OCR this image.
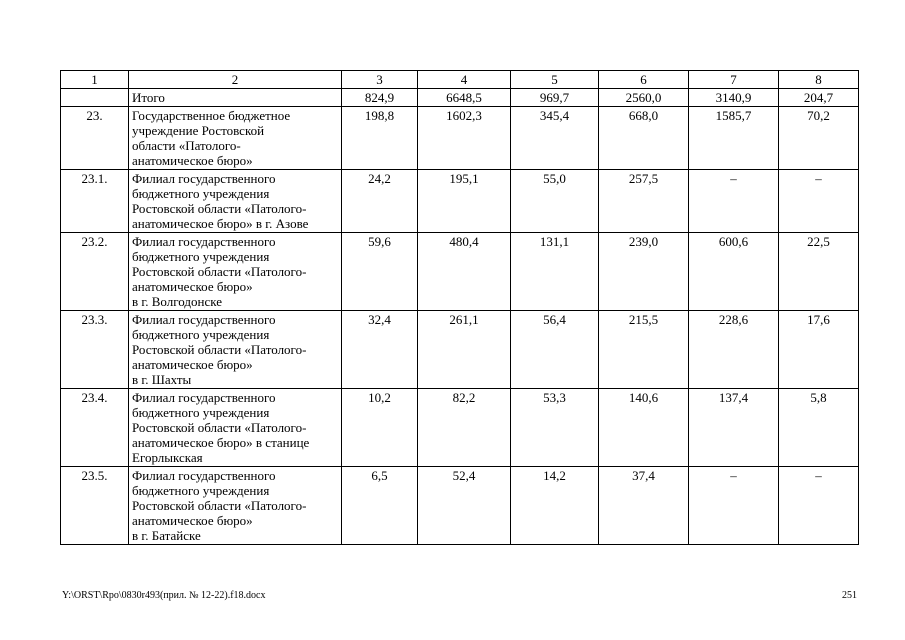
1	2	3	4	5	6	7	8
	Итого	824,9	6648,5	969,7	2560,0	3140,9	204,7
23.	Государственное бюджетное
учреждение Ростовской
области «Патолого-
анатомическое бюро»	198,8	1602,3	345,4	668,0	1585,7	70,2
23.1.	Филиал государственного
бюджетного учреждения
Ростовской области «Патолого-
анатомическое бюро» в г. Азове	24,2	195,1	55,0	257,5	–	–
23.2.	Филиал государственного
бюджетного учреждения
Ростовской области «Патолого-
анатомическое бюро»
в г. Волгодонске	59,6	480,4	131,1	239,0	600,6	22,5
23.3.	Филиал государственного
бюджетного учреждения
Ростовской области «Патолого-
анатомическое бюро»
в г. Шахты	32,4	261,1	56,4	215,5	228,6	17,6
23.4.	Филиал государственного
бюджетного учреждения
Ростовской области «Патолого-
анатомическое бюро» в станице
Егорлыкская	10,2	82,2	53,3	140,6	137,4	5,8
23.5.	Филиал государственного
бюджетного учреждения
Ростовской области «Патолого-
анатомическое бюро»
в г. Батайске	6,5	52,4	14,2	37,4	–	–
Y:\ORST\Rpo\0830r493(прил. № 12-22).f18.docx	251
